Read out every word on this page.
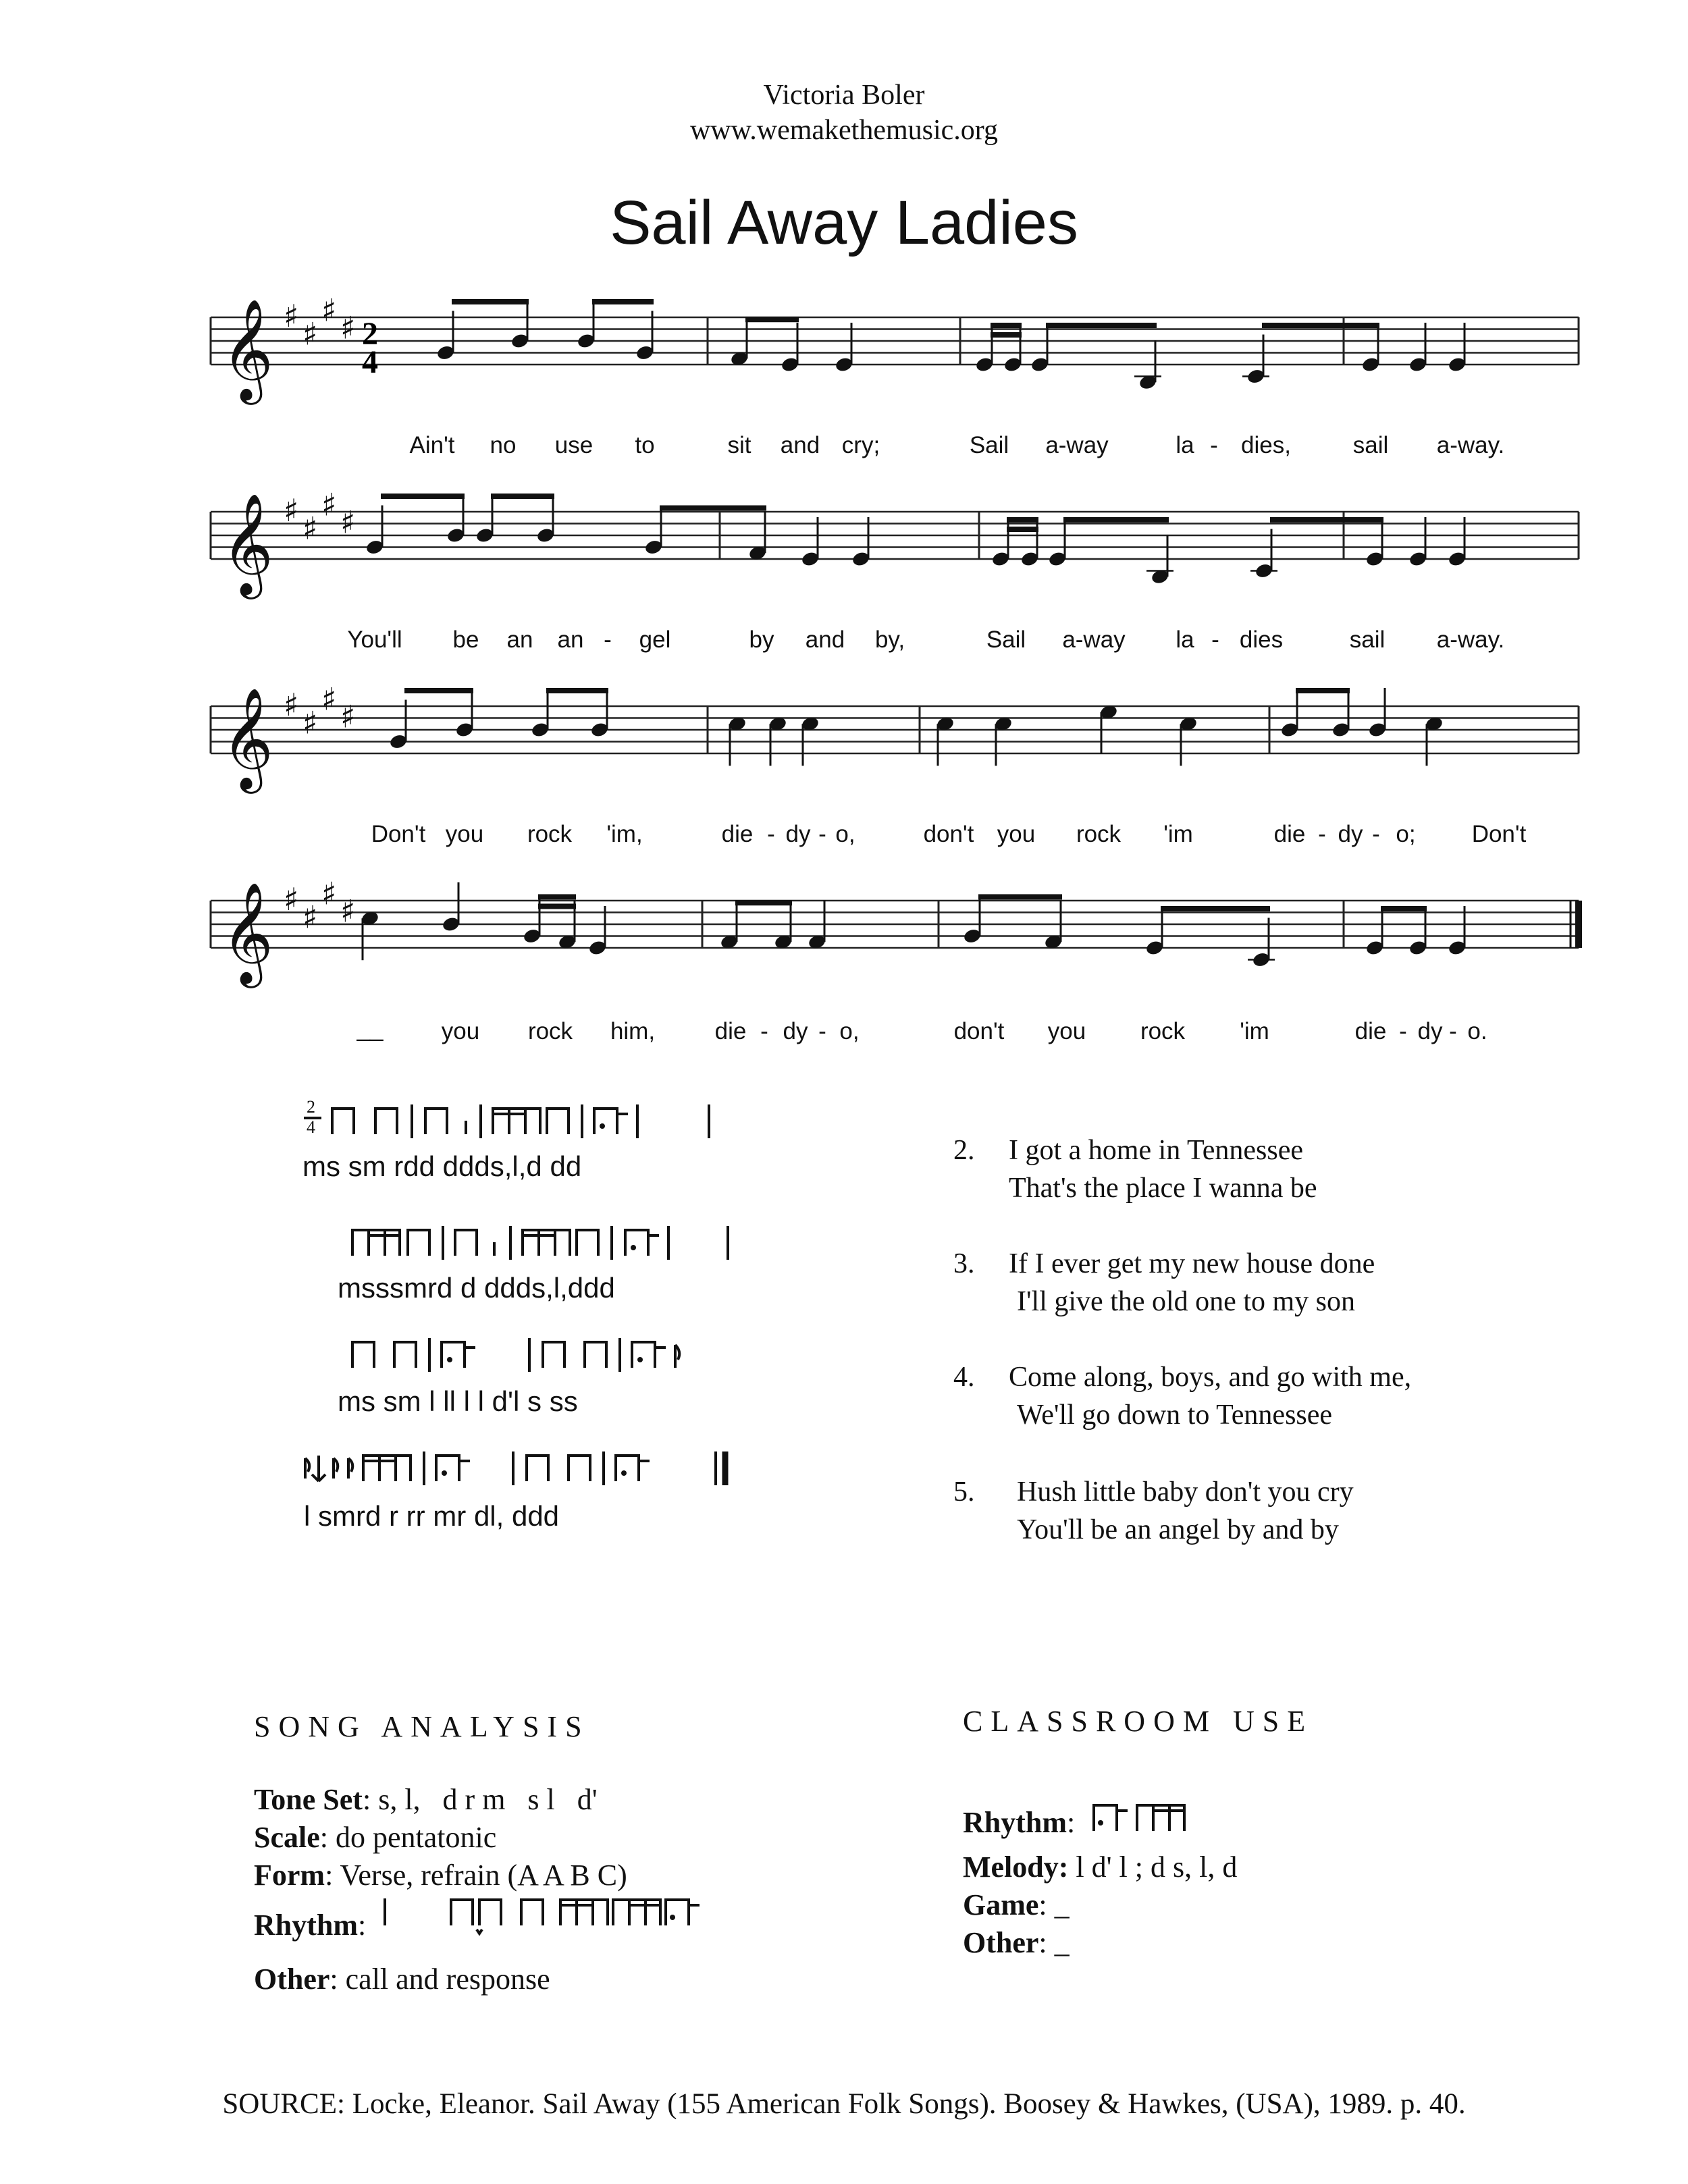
Victoria Boler
www.wemakethemusic.org
Sail Away Ladies
𝄞 ♯ ♯
♯ ♯
𝄞 ♯ ♯
♯ ♯
𝄞 ♯ ♯
♯ ♯
𝄞 ♯ ♯
♯ ♯
2
4
Ain't no use to	sit and cry;	Sail a-way	la - dies,	sail a-way.
You'll be an an - gel	by and by,	Sail a-way la - dies	sail a-way.
Don't you rock 'im,	die - dy - o,	don't you rock 'im	die - dy - o; Don't
__ you rock him,	die - dy - o,	don't you rock 'im	die - dy - o.
2
4
ms sm rdd ddds,l,d dd
msssmrd d ddds,l,ddd
ms sm l ll l l d'l s ss
l smrd r rr mr dl, ddd
2. I got a home in Tennessee
That's the place I wanna be
3. If I ever get my new house done
I'll give the old one to my son
4. Come along, boys, and go with me,
We'll go down to Tennessee
5. Hush little baby don't you cry
You'll be an angel by and by
SONG ANALYSIS
Tone Set: s, l,   d r m   s l   d'
Scale: do pentatonic
Form: Verse, refrain (A A B C)
Rhythm:
Other: call and response
CLASSROOM USE
Rhythm:
Melody: l d' l ; d s, l, d
Game: _
Other: _
SOURCE: Locke, Eleanor. Sail Away (155 American Folk Songs). Boosey & Hawkes, (USA), 1989. p. 40.
